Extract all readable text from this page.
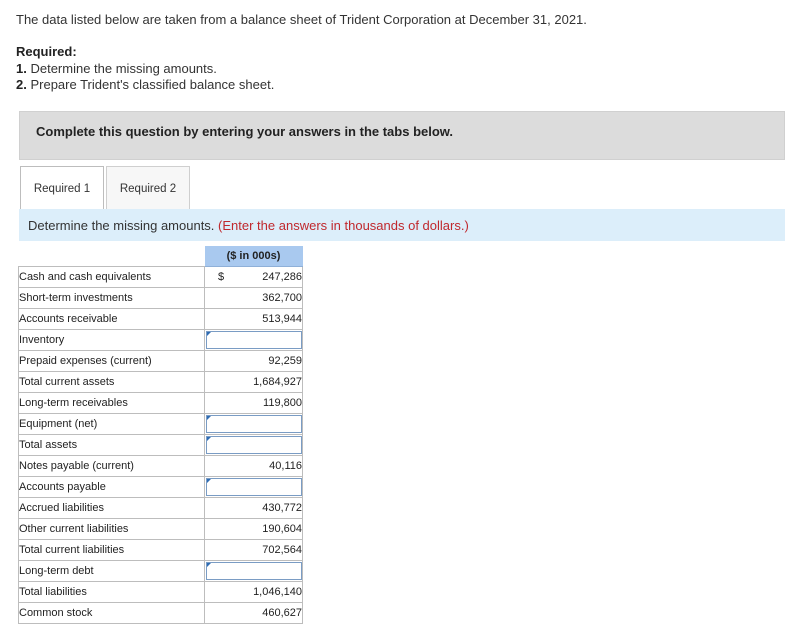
The data listed below are taken from a balance sheet of Trident Corporation at December 31, 2021.
Required:
1. Determine the missing amounts.
2. Prepare Trident's classified balance sheet.
Complete this question by entering your answers in the tabs below.
Required 1	Required 2
Determine the missing amounts. (Enter the answers in thousands of dollars.)
	($ in 000s)
Cash and cash equivalents	$ 247,286
Short-term investments	362,700
Accounts receivable	513,944
Inventory	

Prepaid expenses (current)	92,259
Total current assets	1,684,927
Long-term receivables	119,800
Equipment (net)	

Total assets	

Notes payable (current)	40,116
Accounts payable	

Accrued liabilities	430,772
Other current liabilities	190,604
Total current liabilities	702,564
Long-term debt	

Total liabilities	1,046,140
Common stock	460,627
